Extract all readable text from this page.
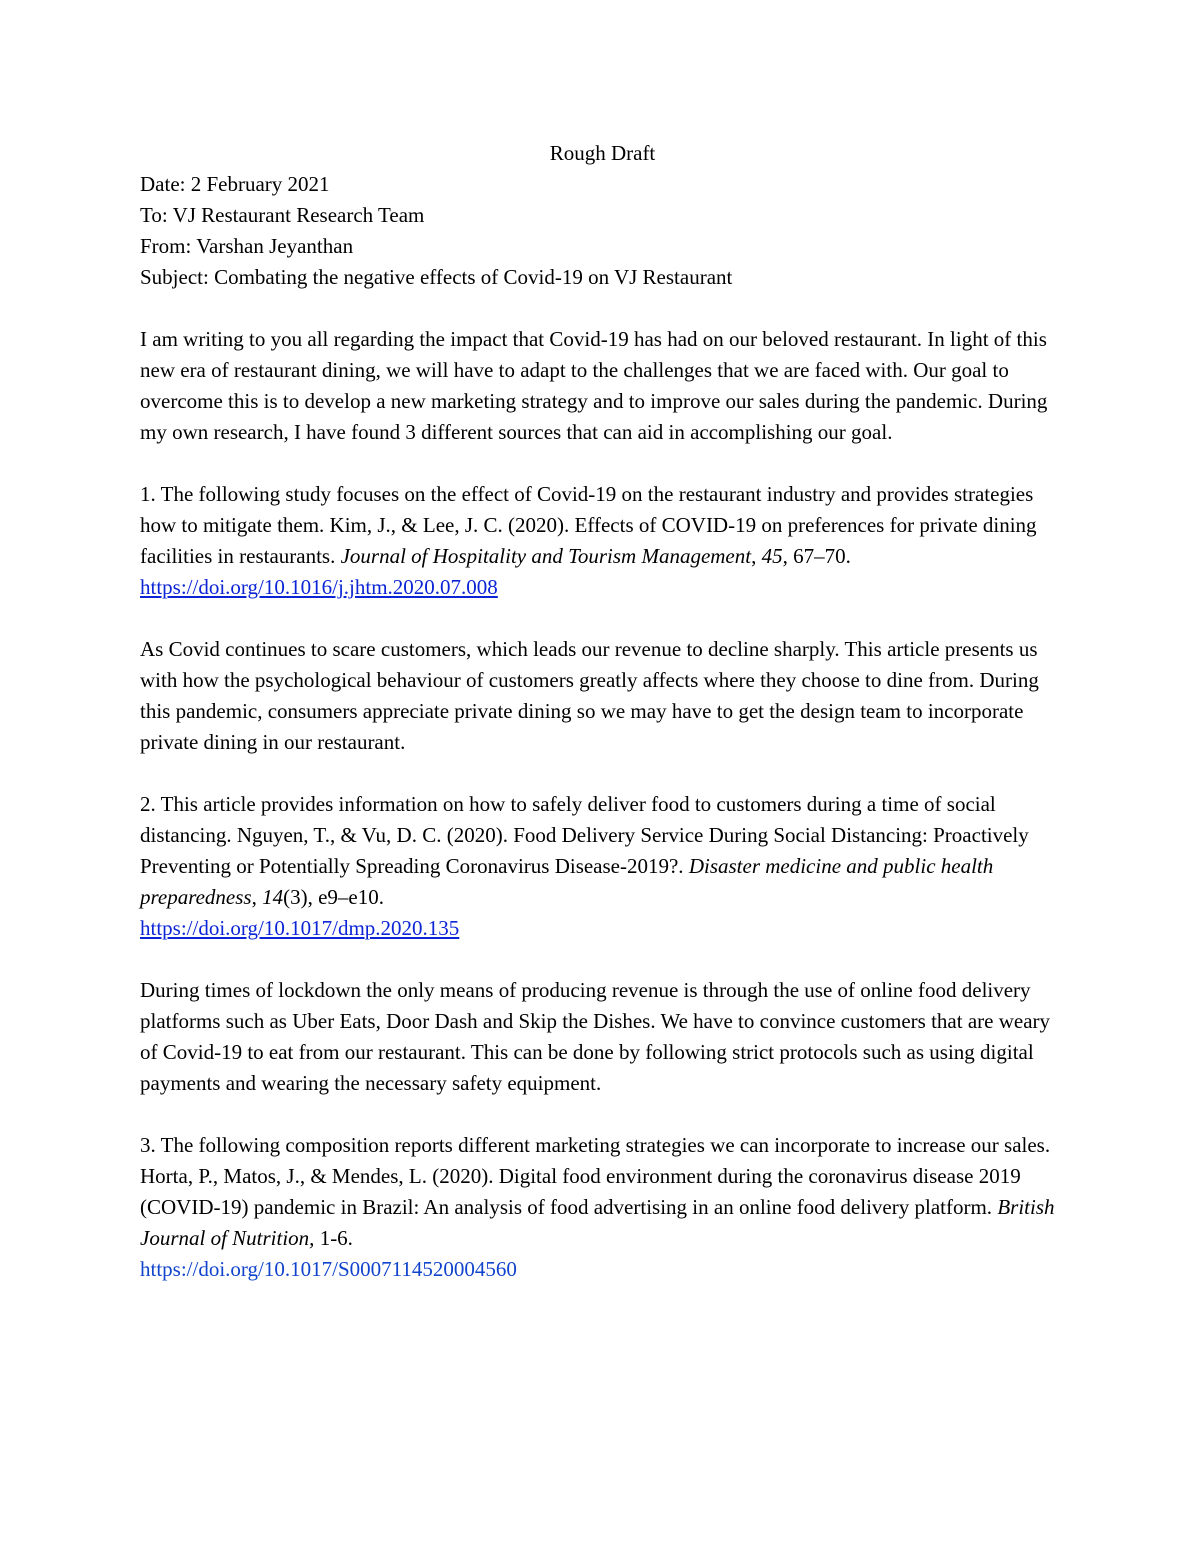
Rough Draft

Date: 2 February 2021

To: VJ Restaurant Research Team

From: Varshan Jeyanthan

Subject: Combating the negative effects of Covid-19 on VJ Restaurant

I am writing to you all regarding the impact that Covid-19 has had on our beloved restaurant. In light of this new era of restaurant dining, we will have to adapt to the challenges that we are faced with. Our goal to overcome this is to develop a new marketing strategy and to improve our sales during the pandemic. During my own research, I have found 3 different sources that can aid in accomplishing our goal.

1. The following study focuses on the effect of Covid-19 on the restaurant industry and provides strategies how to mitigate them. Kim, J., & Lee, J. C. (2020). Effects of COVID-19 on preferences for private dining facilities in restaurants. Journal of Hospitality and Tourism Management, 45, 67–70. https://doi.org/10.1016/j.jhtm.2020.07.008

As Covid continues to scare customers, which leads our revenue to decline sharply. This article presents us with how the psychological behaviour of customers greatly affects where they choose to dine from. During this pandemic, consumers appreciate private dining so we may have to get the design team to incorporate private dining in our restaurant.

2. This article provides information on how to safely deliver food to customers during a time of social distancing. Nguyen, T., & Vu, D. C. (2020). Food Delivery Service During Social Distancing: Proactively Preventing or Potentially Spreading Coronavirus Disease-2019?. Disaster medicine and public health preparedness, 14(3), e9–e10.
https://doi.org/10.1017/dmp.2020.135

During times of lockdown the only means of producing revenue is through the use of online food delivery platforms such as Uber Eats, Door Dash and Skip the Dishes. We have to convince customers that are weary of Covid-19 to eat from our restaurant. This can be done by following strict protocols such as using digital payments and wearing the necessary safety equipment.

3. The following composition reports different marketing strategies we can incorporate to increase our sales. Horta, P., Matos, J., & Mendes, L. (2020). Digital food environment during the coronavirus disease 2019 (COVID-19) pandemic in Brazil: An analysis of food advertising in an online food delivery platform. British Journal of Nutrition, 1-6.
https://doi.org/10.1017/S0007114520004560
